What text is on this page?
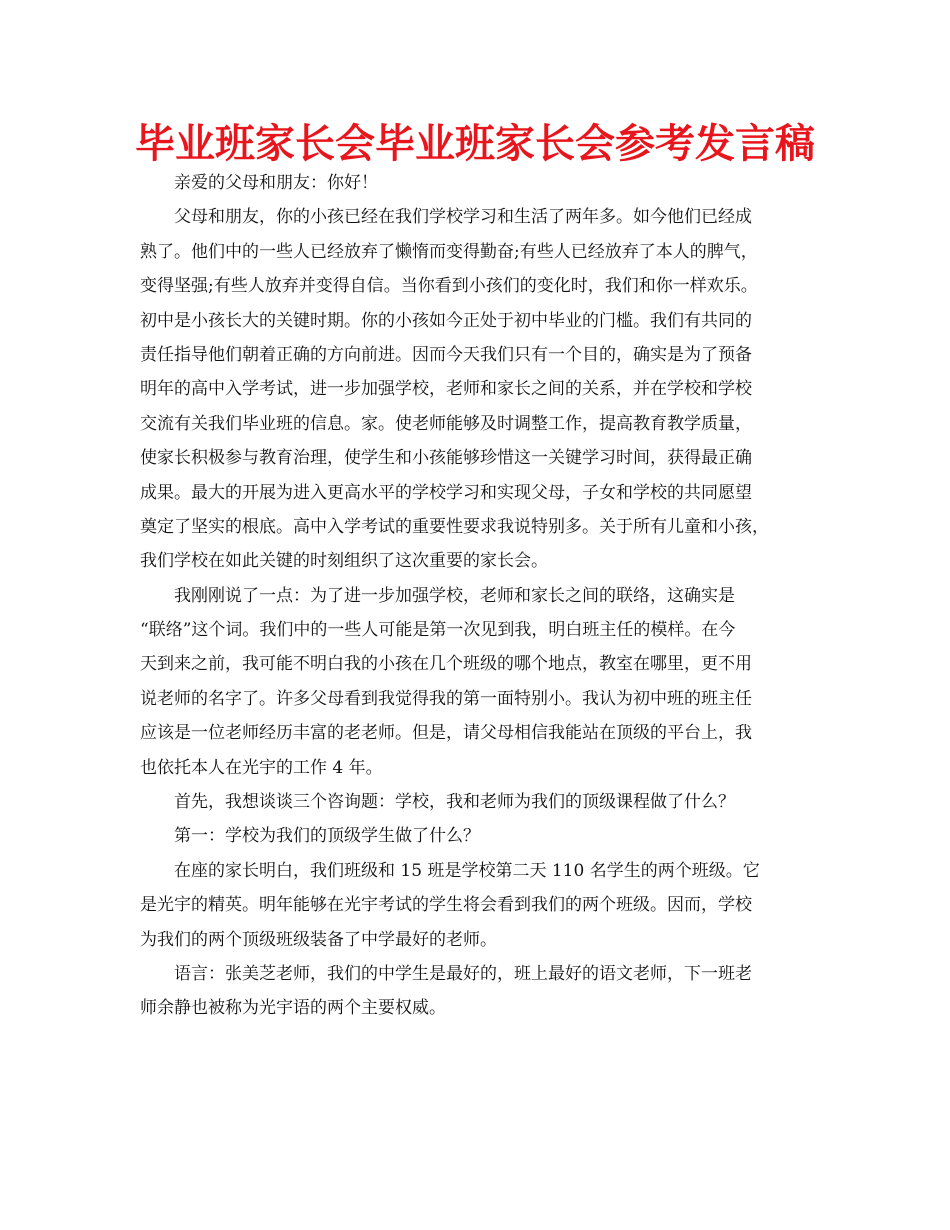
毕业班家长会毕业班家长会参考发言稿
亲爱的父母和朋友：你好！
父母和朋友，你的小孩已经在我们学校学习和生活了两年多。如今他们已经成
熟了。他们中的一些人已经放弃了懒惰而变得勤奋;有些人已经放弃了本人的脾气，
变得坚强;有些人放弃并变得自信。当你看到小孩们的变化时，我们和你一样欢乐。
初中是小孩长大的关键时期。你的小孩如今正处于初中毕业的门槛。我们有共同的
责任指导他们朝着正确的方向前进。因而今天我们只有一个目的，确实是为了预备
明年的高中入学考试，进一步加强学校，老师和家长之间的关系，并在学校和学校
交流有关我们毕业班的信息。家。使老师能够及时调整工作，提高教育教学质量，
使家长积极参与教育治理，使学生和小孩能够珍惜这一关键学习时间，获得最正确
成果。最大的开展为进入更高水平的学校学习和实现父母，子女和学校的共同愿望
奠定了坚实的根底。高中入学考试的重要性要求我说特别多。关于所有儿童和小孩，
我们学校在如此关键的时刻组织了这次重要的家长会。
我刚刚说了一点：为了进一步加强学校，老师和家长之间的联络，这确实是
“联络”这个词。我们中的一些人可能是第一次见到我，明白班主任的模样。在今
天到来之前，我可能不明白我的小孩在几个班级的哪个地点，教室在哪里，更不用
说老师的名字了。许多父母看到我觉得我的第一面特别小。我认为初中班的班主任
应该是一位老师经历丰富的老老师。但是，请父母相信我能站在顶级的平台上，我
也依托本人在光宇的工作 4 年。
首先，我想谈谈三个咨询题：学校，我和老师为我们的顶级课程做了什么？
第一：学校为我们的顶级学生做了什么？
在座的家长明白，我们班级和 15 班是学校第二天 110 名学生的两个班级。它
是光宇的精英。明年能够在光宇考试的学生将会看到我们的两个班级。因而，学校
为我们的两个顶级班级装备了中学最好的老师。
语言：张美芝老师，我们的中学生是最好的，班上最好的语文老师，下一班老
师余静也被称为光宇语的两个主要权威。
